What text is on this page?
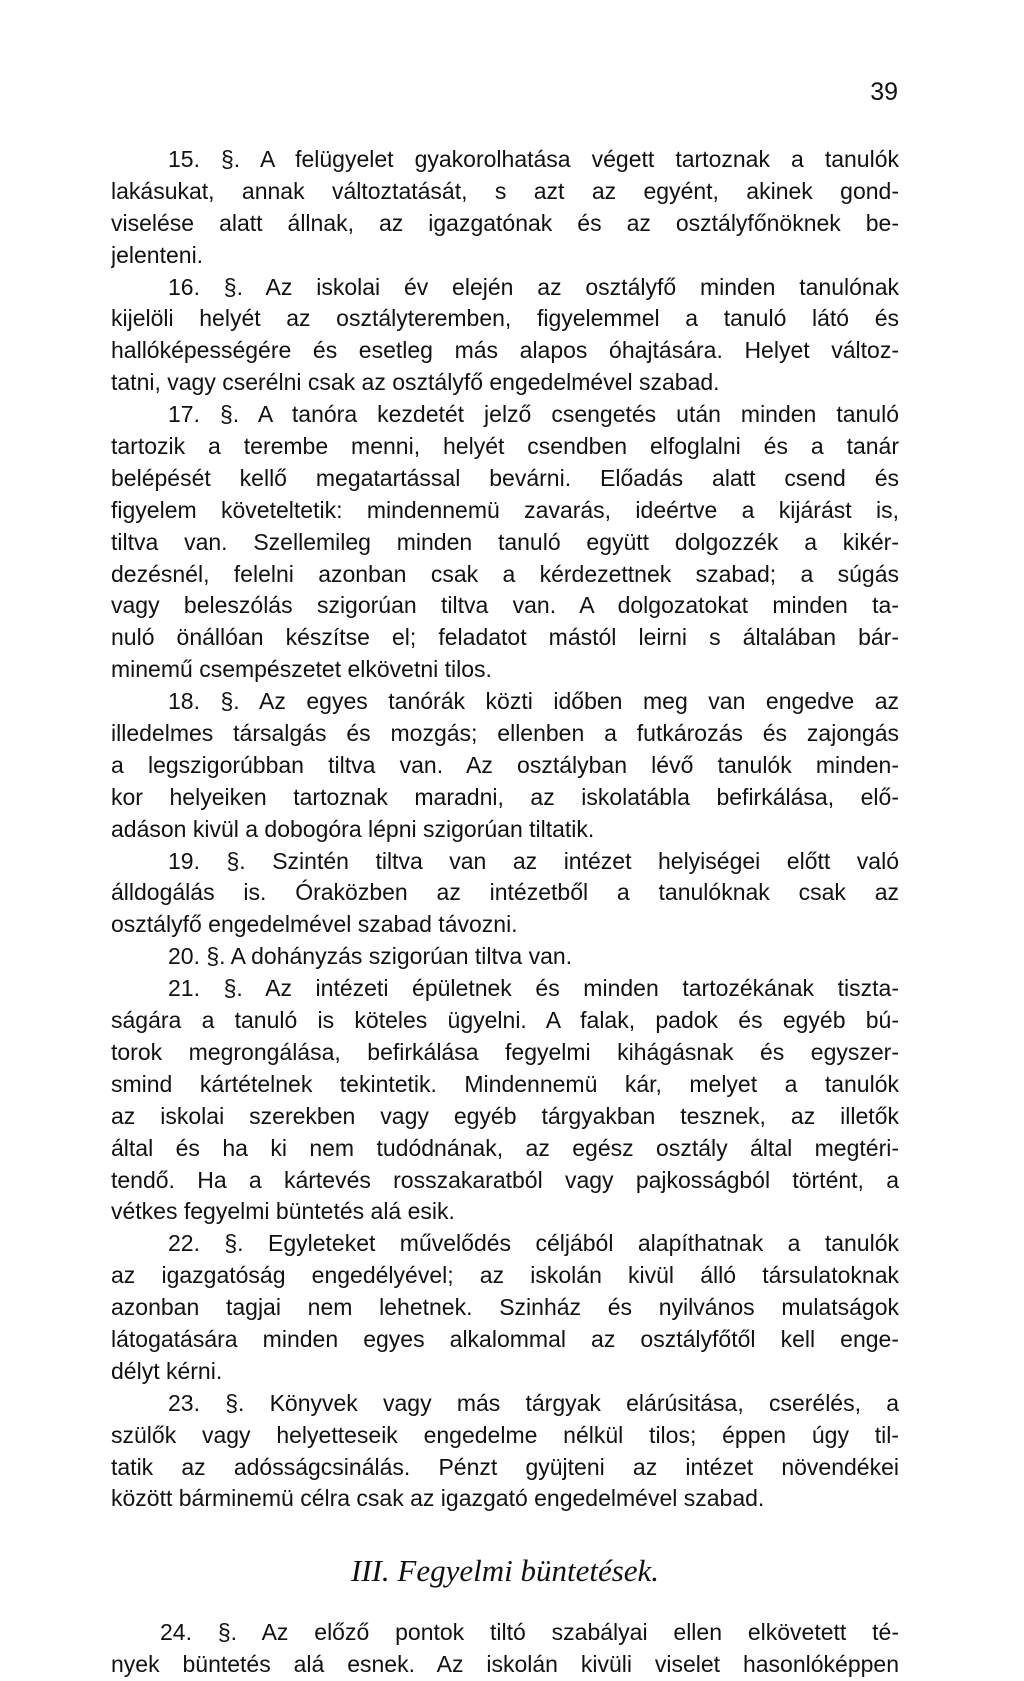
39
15. §. A felügyelet gyakorolhatása végett tartoznak a tanulók
lakásukat, annak változtatását, s azt az egyént, akinek gond-
viselése alatt állnak, az igazgatónak és az osztályfőnöknek be-
jelenteni.
16. §. Az iskolai év elején az osztályfő minden tanulónak
kijelöli helyét az osztályteremben, figyelemmel a tanuló látó és
hallóképességére és esetleg más alapos óhajtására. Helyet változ-
tatni, vagy cserélni csak az osztályfő engedelmével szabad.
17. §. A tanóra kezdetét jelző csengetés után minden tanuló
tartozik a terembe menni, helyét csendben elfoglalni és a tanár
belépését kellő megatartással bevárni. Előadás alatt csend és
figyelem követeltetik: mindennemü zavarás, ideértve a kijárást is,
tiltva van. Szellemileg minden tanuló együtt dolgozzék a kikér-
dezésnél, felelni azonban csak a kérdezettnek szabad; a súgás
vagy beleszólás szigorúan tiltva van. A dolgozatokat minden ta-
nuló önállóan készítse el; feladatot mástól leirni s általában bár-
minemű csempészetet elkövetni tilos.
18. §. Az egyes tanórák közti időben meg van engedve az
illedelmes társalgás és mozgás; ellenben a futkározás és zajongás
a legszigorúbban tiltva van. Az osztályban lévő tanulók minden-
kor helyeiken tartoznak maradni, az iskolatábla befirkálása, elő-
adáson kivül a dobogóra lépni szigorúan tiltatik.
19. §. Szintén tiltva van az intézet helyiségei előtt való
álldogálás is. Óraközben az intézetből a tanulóknak csak az
osztályfő engedelmével szabad távozni.
20. §. A dohányzás szigorúan tiltva van.
21. §. Az intézeti épületnek és minden tartozékának tiszta-
ságára a tanuló is köteles ügyelni. A falak, padok és egyéb bú-
torok megrongálása, befirkálása fegyelmi kihágásnak és egyszer-
smind kártételnek tekintetik. Mindennemü kár, melyet a tanulók
az iskolai szerekben vagy egyéb tárgyakban tesznek, az illetők
által és ha ki nem tudódnának, az egész osztály által megtéri-
tendő. Ha a kártevés rosszakaratból vagy pajkosságból történt, a
vétkes fegyelmi büntetés alá esik.
22. §. Egyleteket művelődés céljából alapíthatnak a tanulók
az igazgatóság engedélyével; az iskolán kivül álló társulatoknak
azonban tagjai nem lehetnek. Szinház és nyilvános mulatságok
látogatására minden egyes alkalommal az osztályfőtől kell enge-
délyt kérni.
23. §. Könyvek vagy más tárgyak elárúsitása, cserélés, a
szülők vagy helyetteseik engedelme nélkül tilos; éppen úgy til-
tatik az adósságcsinálás. Pénzt gyüjteni az intézet növendékei
között bárminemü célra csak az igazgató engedelmével szabad.
III. Fegyelmi büntetések.
24. §. Az előző pontok tiltó szabályai ellen elkövetett té-
nyek büntetés alá esnek. Az iskolán kivüli viselet hasonlóképpen
